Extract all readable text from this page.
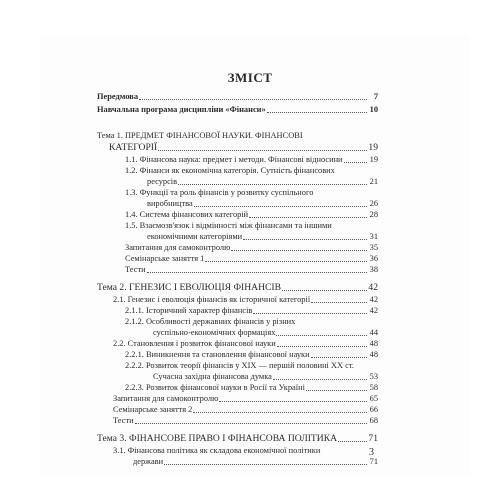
ЗМІСТ
Передмова	7
Навчальна програма дисципліни «Фінанси»	10
Тема 1. ПРЕДМЕТ ФІНАНСОВОЇ НАУКИ. ФІНАНСОВІ
КАТЕГОРІЇ	19
1.1. Фінансова наука: предмет і методи. Фінансові відносини	19
1.2. Фінанси як економічна категорія. Сутність фінансових
ресурсів	21
1.3. Функції та роль фінансів у розвитку суспільного
виробництва	26
1.4. Система фінансових категорій	28
1.5. Взаємозв'язок і відмінності між фінансами та іншими
економічними категоріями	31
Запитання для самоконтролю	35
Семінарське заняття 1	36
Тести	38
Тема 2. ГЕНЕЗИС І ЕВОЛЮЦІЯ ФІНАНСІВ	42
2.1. Генезис і еволюція фінансів як історичної категорії	42
2.1.1. Історичний характер фінансів	42
2.1.2. Особливості державних фінансів у різних
суспільно-економічних формаціях	44
2.2. Становлення і розвиток фінансової науки	48
2.2.1. Виникнення та становлення фінансової науки	48
2.2.2. Розвиток теорії фінансів у XIX — першій половині XX ст.
Сучасна західна фінансова думка	53
2.2.3. Розвиток фінансової науки в Росії та Україні	58
Запитання для самоконтролю	65
Семінарське заняття 2	66
Тести	68
Тема 3. ФІНАНСОВЕ ПРАВО І ФІНАНСОВА ПОЛІТИКА	71
3.1. Фінансова політика як складова економічної політики
держави	71
3
